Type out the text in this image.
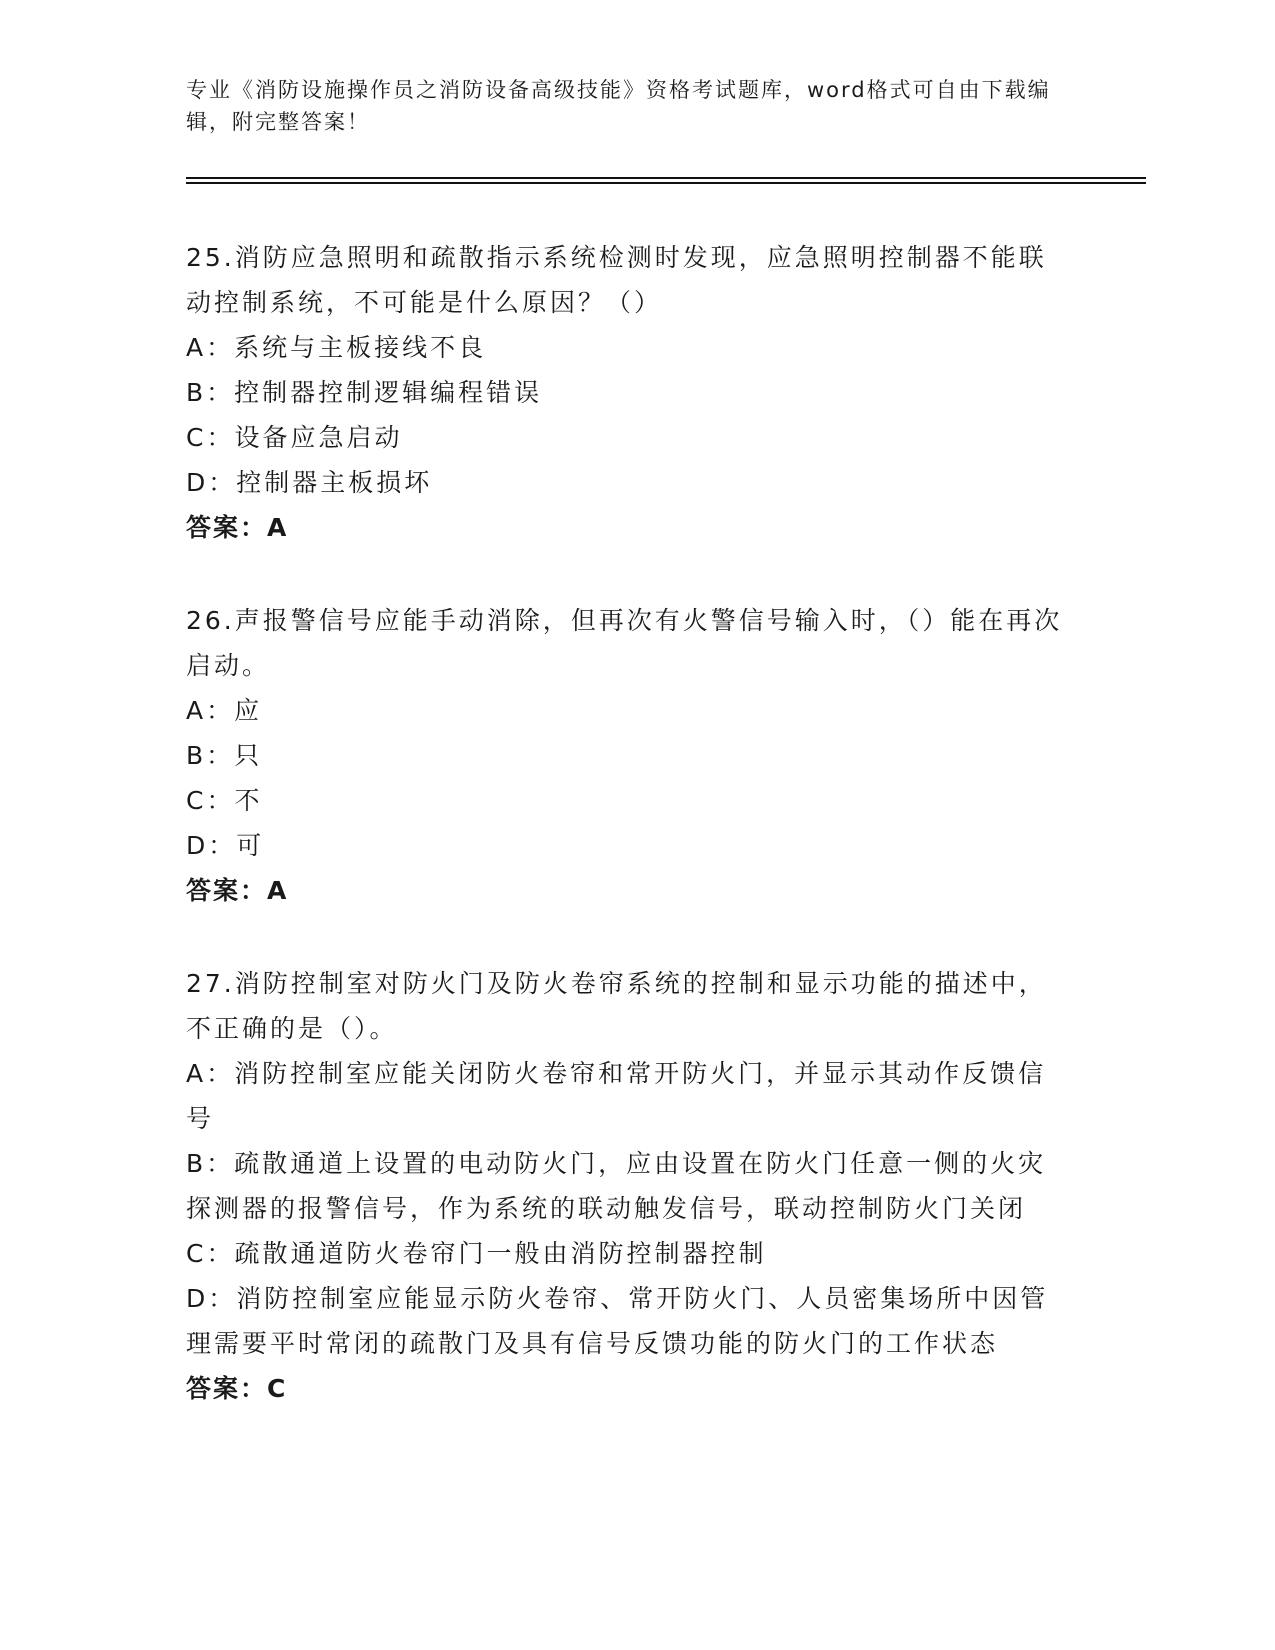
专业《消防设施操作员之消防设备高级技能》资格考试题库，word格式可自由下载编辑，附完整答案！

25.消防应急照明和疏散指示系统检测时发现，应急照明控制器不能联动控制系统，不可能是什么原因？（）

A：系统与主板接线不良

B：控制器控制逻辑编程错误

C：设备应急启动

D：控制器主板损坏

答案：A

26.声报警信号应能手动消除，但再次有火警信号输入时，（）能在再次启动。

A：应

B：只

C：不

D：可

答案：A

27.消防控制室对防火门及防火卷帘系统的控制和显示功能的描述中，不正确的是（）。

A：消防控制室应能关闭防火卷帘和常开防火门，并显示其动作反馈信号

B：疏散通道上设置的电动防火门，应由设置在防火门任意一侧的火灾探测器的报警信号，作为系统的联动触发信号，联动控制防火门关闭

C：疏散通道防火卷帘门一般由消防控制器控制

D：消防控制室应能显示防火卷帘、常开防火门、人员密集场所中因管理需要平时常闭的疏散门及具有信号反馈功能的防火门的工作状态

答案：C
